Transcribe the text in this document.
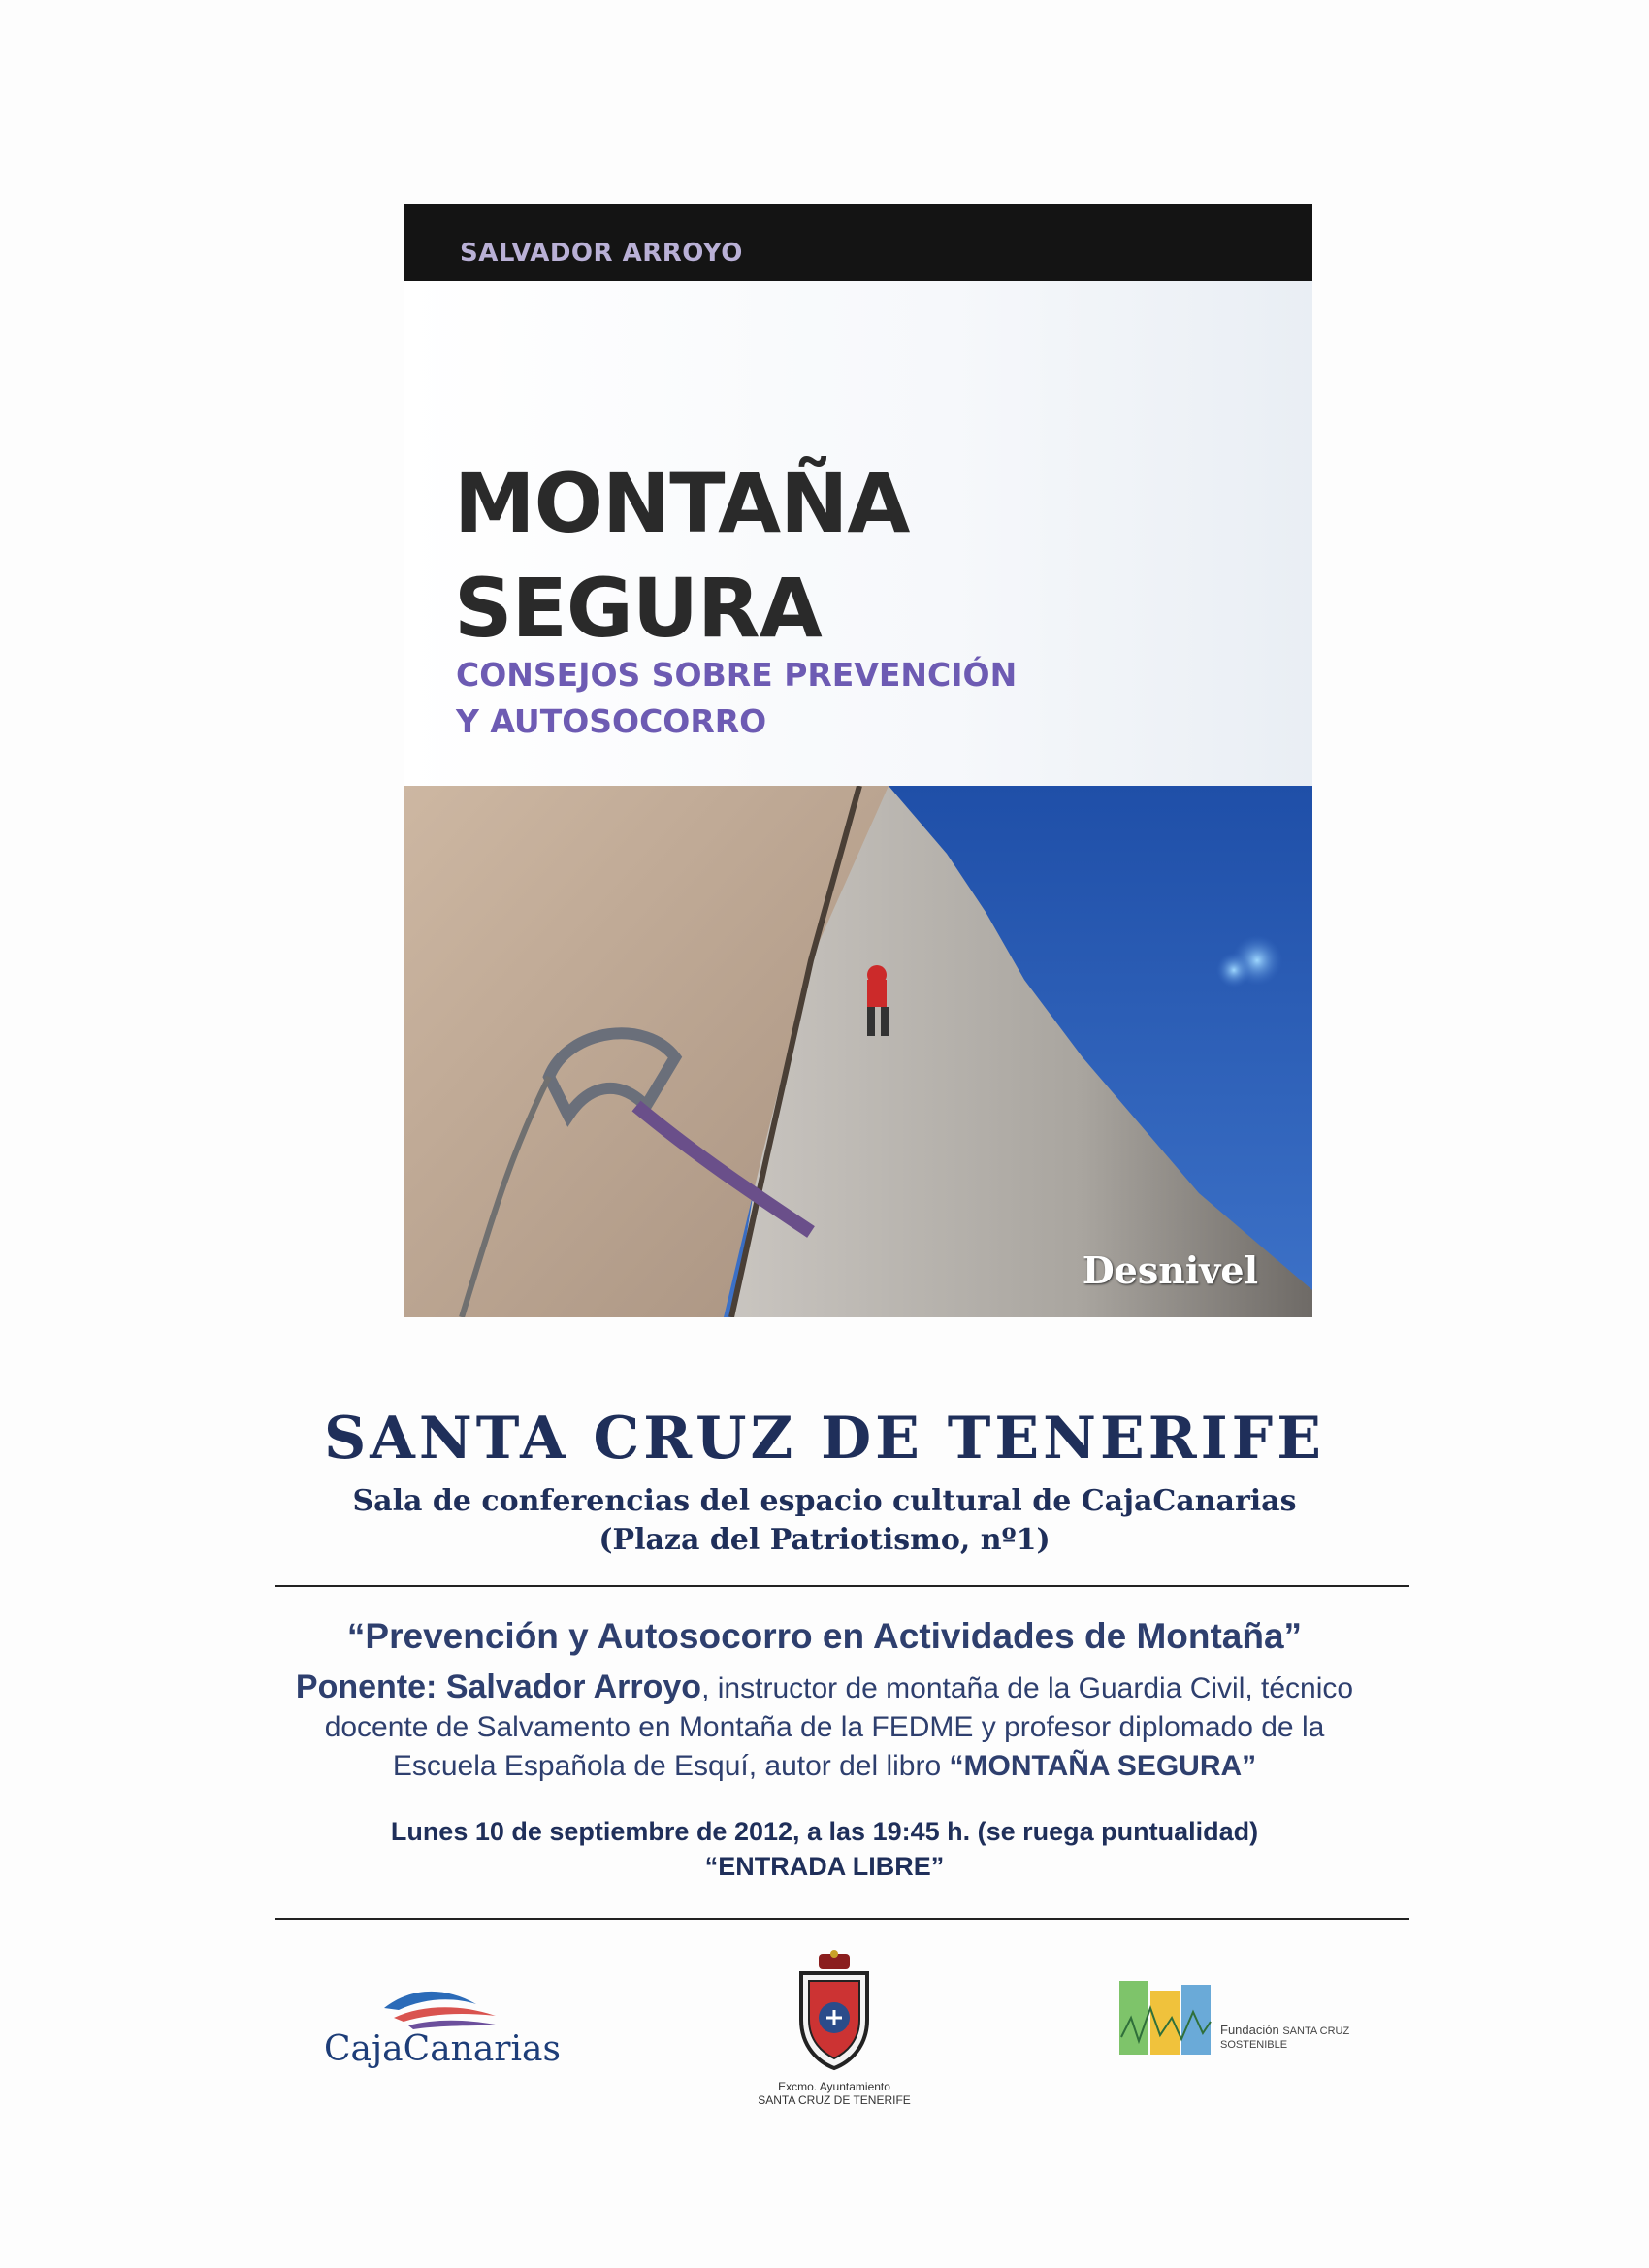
SALVADOR ARROYO
MONTAÑA
SEGURA
CONSEJOS SOBRE PREVENCIÓN
Y AUTOSOCORRO
Desnivel
SANTA CRUZ DE TENERIFE
Sala de conferencias del espacio cultural de CajaCanarias
(Plaza del Patriotismo, nº1)
“Prevención y Autosocorro en Actividades de Montaña”
Ponente: Salvador Arroyo, instructor de montaña de la Guardia Civil, técnico
docente de Salvamento en Montaña de la FEDME y profesor diplomado de la
Escuela Española de Esquí, autor del libro “MONTAÑA SEGURA”
Lunes 10 de septiembre de 2012, a las 19:45 h. (se ruega puntualidad)
“ENTRADA LIBRE”
CajaCanarias
Excmo. Ayuntamiento
SANTA CRUZ DE TENERIFE
Fundación SANTA CRUZ
SOSTENIBLE
